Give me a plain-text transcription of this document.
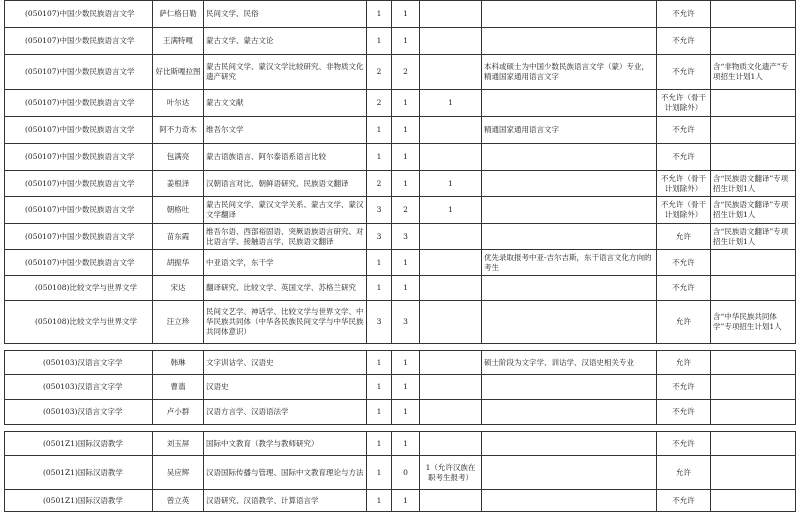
(050107)中国少数民族语言文学	萨仁格日勒	民间文学、民俗	1	1			不允许	
(050107)中国少数民族语言文学	王满特嘎	蒙古文学、蒙古文论	1	1			不允许	
(050107)中国少数民族语言文学	好比斯嘎拉图	蒙古民间文学、蒙汉文学比较研究、非物质文化遗产研究	2	2		本科或硕士为中国少数民族语言文学（蒙）专业，精通国家通用语言文字	不允许	含“非物质文化遗产”专项招生计划1人
(050107)中国少数民族语言文学	叶尔达	蒙古文文献	2	1	1		不允许（骨干计划除外）	
(050107)中国少数民族语言文学	阿不力奇木	维吾尔文学	1	1		精通国家通用语言文字	不允许	
(050107)中国少数民族语言文学	包满亮	蒙古语族语言、阿尔泰语系语言比较	1	1			不允许	
(050107)中国少数民族语言文学	姜根泽	汉朝语言对比、朝鲜语研究、民族语文翻译	2	1	1		不允许（骨干计划除外）	含“民族语文翻译”专项招生计划1人
(050107)中国少数民族语言文学	朝格吐	蒙古民间文学、蒙汉文学关系、蒙古文学、蒙汉文学翻译	3	2	1		不允许（骨干计划除外）	含“民族语文翻译”专项招生计划1人
(050107)中国少数民族语言文学	苗东霞	维吾尔语、西部裕固语、突厥语族语言研究、对比语言学、接触语言学、民族语文翻译	3	3			允许	含“民族语文翻译”专项招生计划1人
(050107)中国少数民族语言文学	胡振华	中亚语文学，东干学	1	1		优先录取报考中亚-吉尔吉斯，东干语言文化方向的考生	不允许	
(050108)比较文学与世界文学	宋达	翻译研究、比较文学、英国文学、苏格兰研究	1	1			不允许	
(050108)比较文学与世界文学	汪立珍	民间文艺学、神话学、比较文学与世界文学、中华民族共同体（中华各民族民间文学与中华民族共同体意识）	3	3			允许	含“中华民族共同体学”专项招生计划1人

(050103)汉语言文字学	韩琳	文字训诂学、汉语史	1	1		硕士阶段为文字学、训诂学、汉语史相关专业	允许	
(050103)汉语言文字学	曹翡	汉语史	1	1			不允许	
(050103)汉语言文字学	卢小群	汉语方言学、汉语语法学	1	1			不允许	

(0501Z1)国际汉语教学	刘玉屏	国际中文教育（教学与教师研究）	1	1			不允许	
(0501Z1)国际汉语教学	吴应辉	汉语国际传播与管理、国际中文教育理论与方法	1	0	1（允许汉族在职考生报考）		允许	
(0501Z1)国际汉语教学	曾立英	汉语研究、汉语教学、计算语言学	1	1			不允许	
